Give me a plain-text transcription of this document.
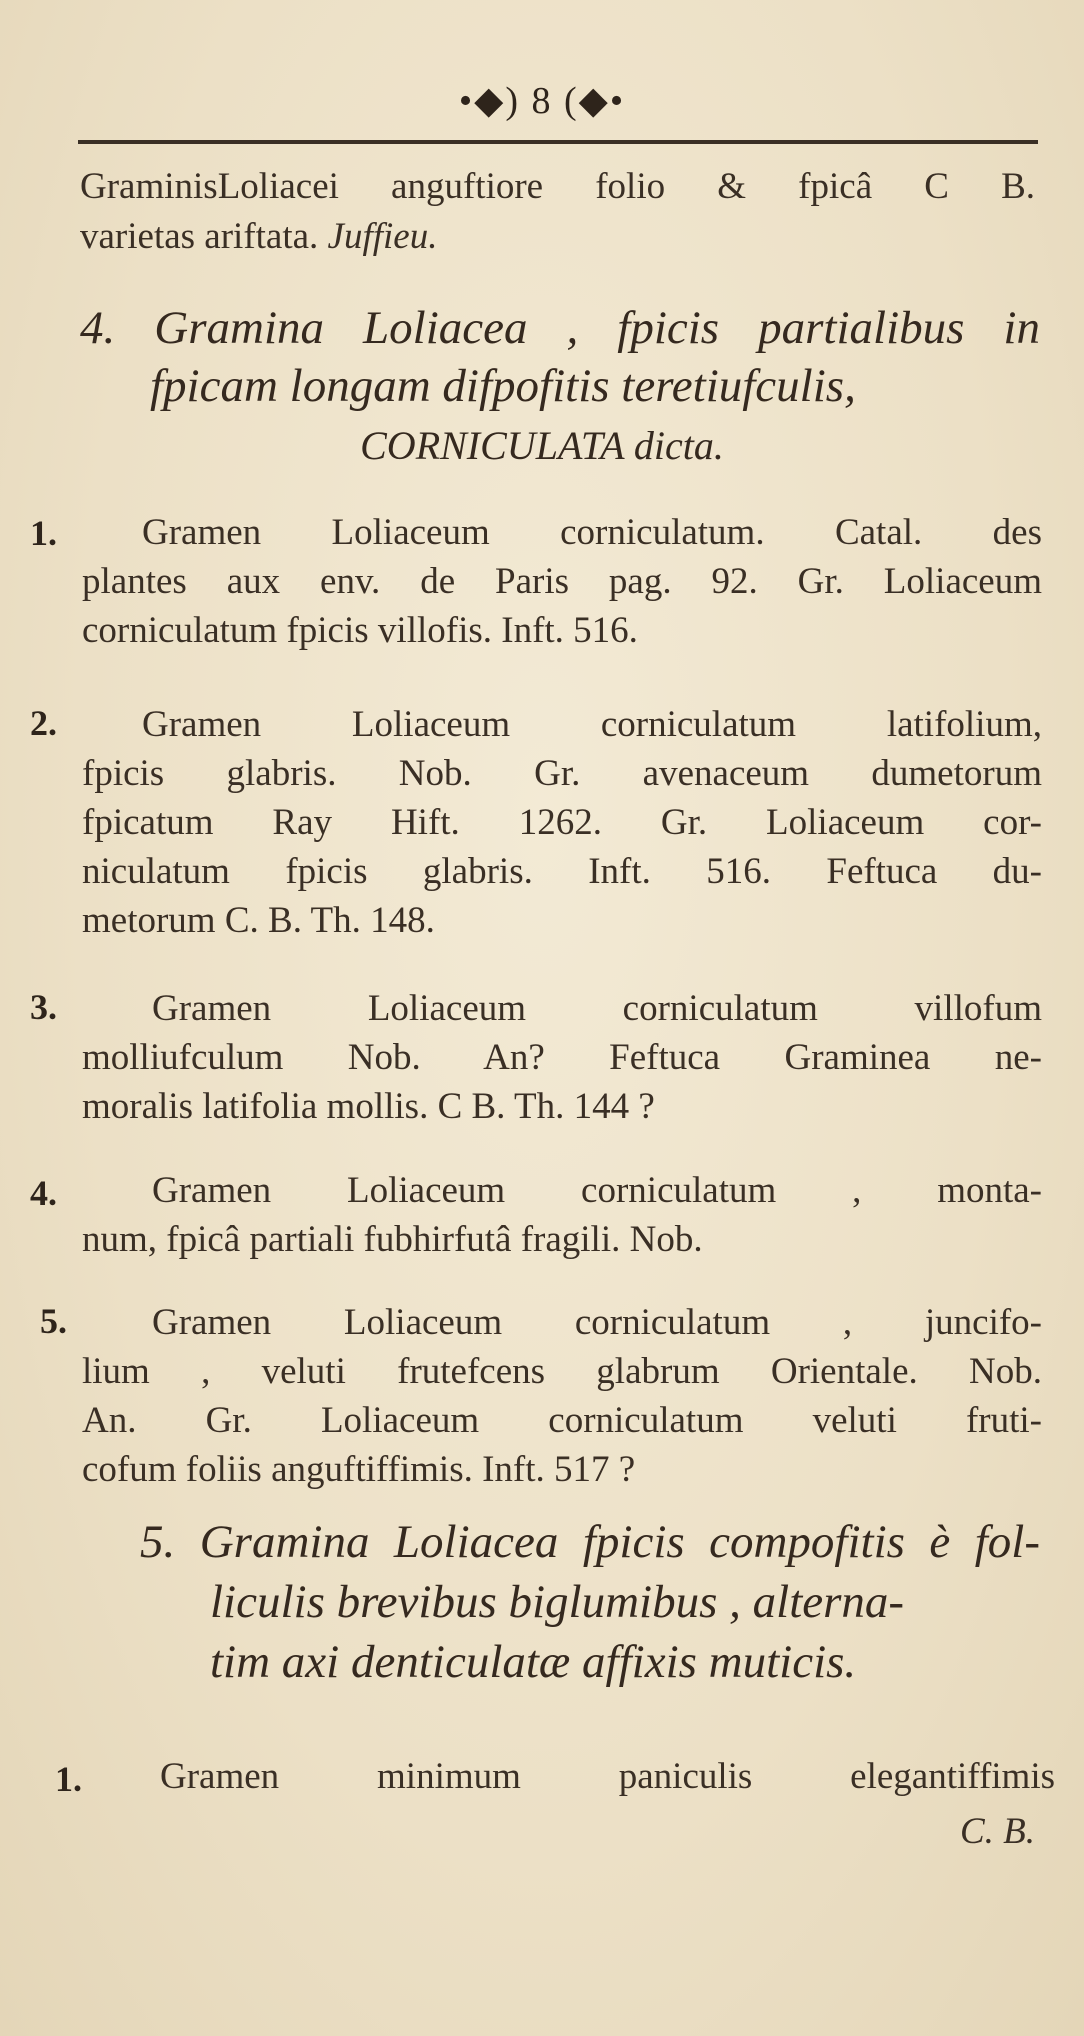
•◆) 8 (◆•
GraminisLoliacei anguftiore folio & fpicâ C B.
varietas ariftata. Juffieu.
4. Gramina Loliacea , fpicis partialibus in
fpicam longam difpofitis teretiufculis,
CORNICULATA dicta.
1.	Gramen Loliaceum corniculatum. Catal. des
plantes aux env. de Paris pag. 92. Gr. Loliaceum
corniculatum fpicis villofis. Inft. 516.
2.	Gramen Loliaceum corniculatum latifolium,
fpicis glabris. Nob. Gr. avenaceum dumetorum
fpicatum Ray Hift. 1262. Gr. Loliaceum cor-
niculatum fpicis glabris. Inft. 516. Feftuca du-
metorum C. B. Th. 148.
3.	Gramen Loliaceum corniculatum villofum
molliufculum Nob. An? Feftuca Graminea ne-
moralis latifolia mollis. C B. Th. 144 ?
4.	Gramen Loliaceum corniculatum , monta-
num, fpicâ partiali fubhirfutâ fragili. Nob.
5.	Gramen Loliaceum corniculatum , juncifo-
lium , veluti frutefcens glabrum Orientale. Nob.
An. Gr. Loliaceum corniculatum veluti fruti-
cofum foliis anguftiffimis. Inft. 517 ?
5. Gramina Loliacea fpicis compofitis è fol-
liculis brevibus biglumibus , alterna-
tim axi denticulatæ affixis muticis.
1. Gramen minimum paniculis elegantiffimis
C. B.
